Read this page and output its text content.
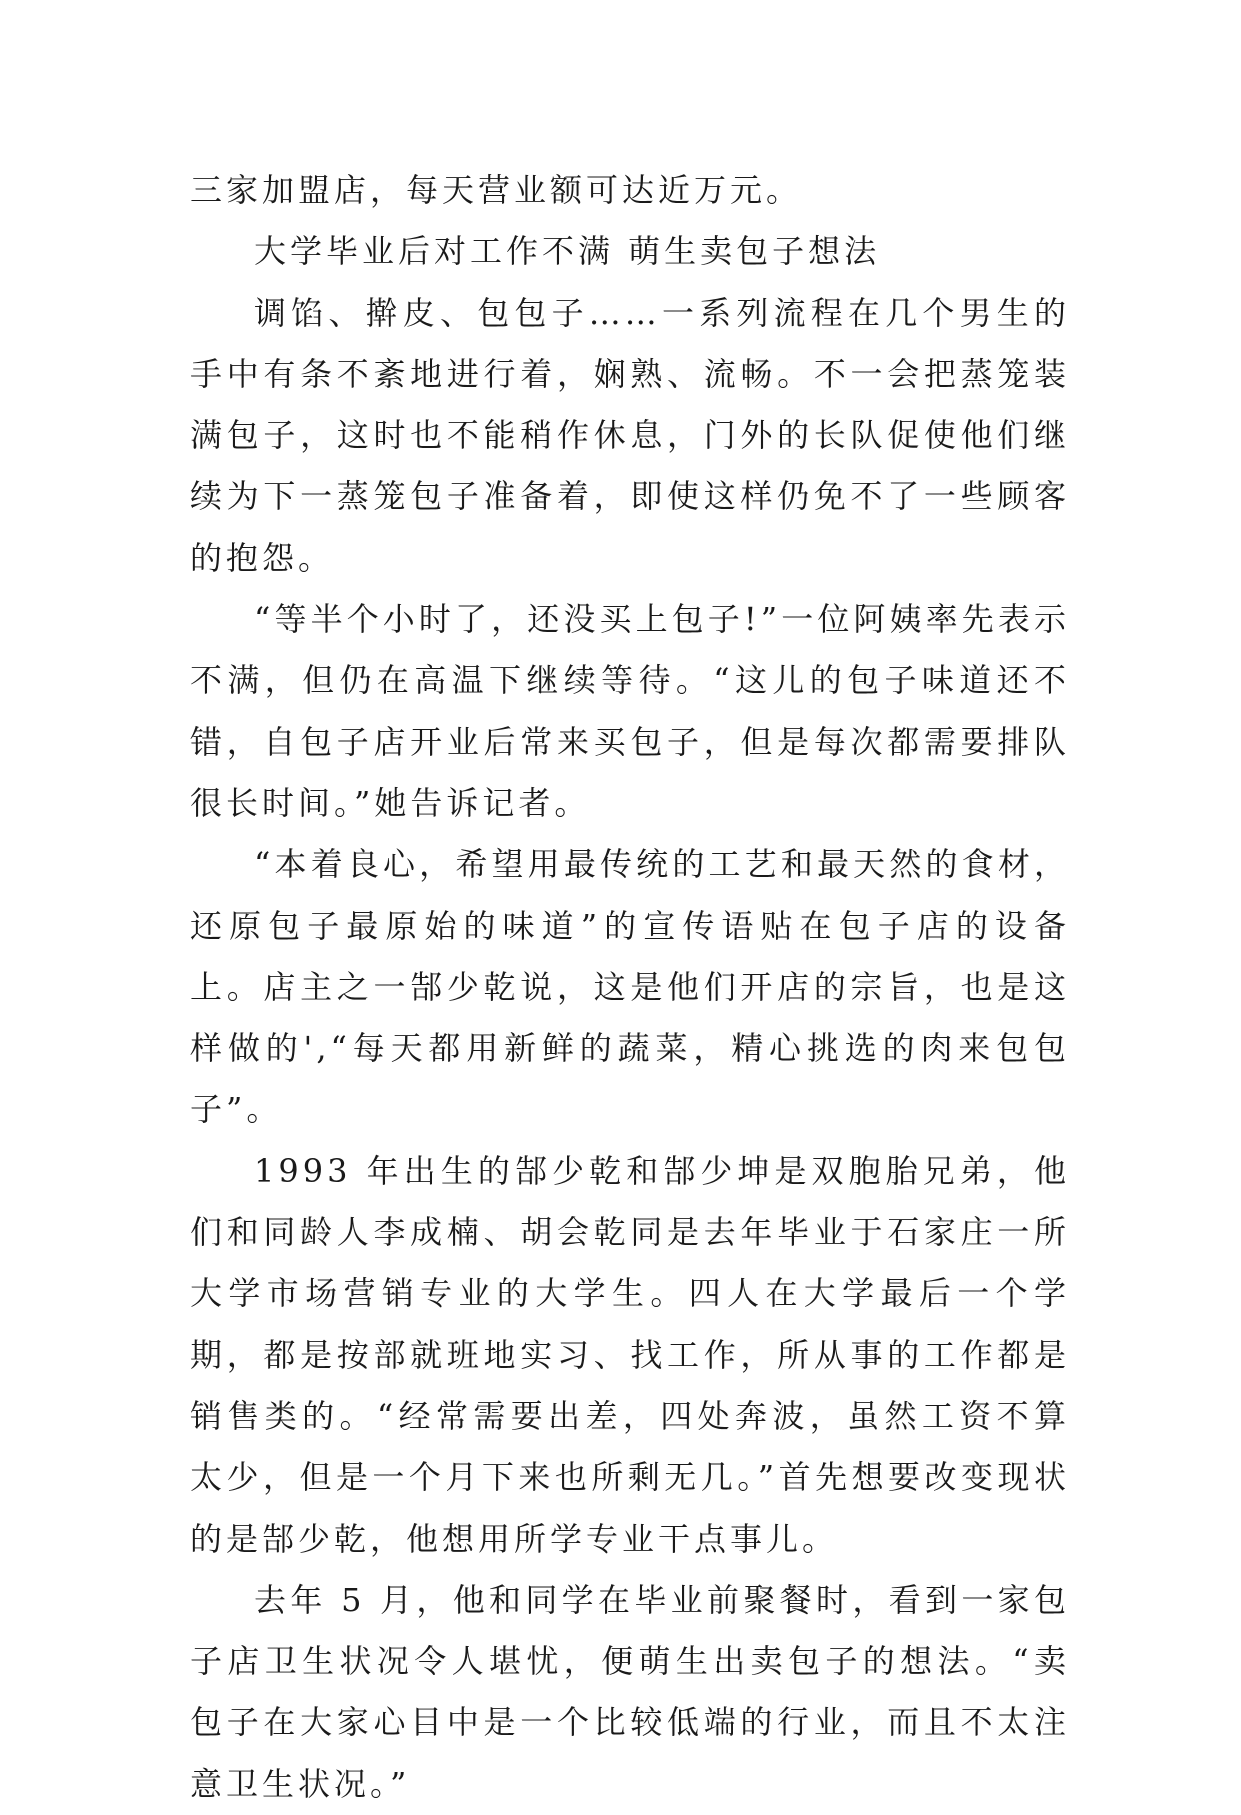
三家加盟店，每天营业额可达近万元。

大学毕业后对工作不满 萌生卖包子想法

调馅、擀皮、包包子……一系列流程在几个男生的手中有条不紊地进行着，娴熟、流畅。不一会把蒸笼装满包子，这时也不能稍作休息，门外的长队促使他们继续为下一蒸笼包子准备着，即使这样仍免不了一些顾客的抱怨。

“等半个小时了，还没买上包子!”一位阿姨率先表示不满，但仍在高温下继续等待。“这儿的包子味道还不错，自包子店开业后常来买包子，但是每次都需要排队很长时间。”她告诉记者。

“本着良心，希望用最传统的工艺和最天然的食材，还原包子最原始的味道”的宣传语贴在包子店的设备上。店主之一郜少乾说，这是他们开店的宗旨，也是这样做的',“每天都用新鲜的蔬菜，精心挑选的肉来包包子”。

1993 年出生的郜少乾和郜少坤是双胞胎兄弟，他们和同龄人李成楠、胡会乾同是去年毕业于石家庄一所大学市场营销专业的大学生。四人在大学最后一个学期，都是按部就班地实习、找工作，所从事的工作都是销售类的。“经常需要出差，四处奔波，虽然工资不算太少，但是一个月下来也所剩无几。”首先想要改变现状的是郜少乾，他想用所学专业干点事儿。

去年 5 月，他和同学在毕业前聚餐时，看到一家包子店卫生状况令人堪忧，便萌生出卖包子的想法。“卖包子在大家心目中是一个比较低端的行业，而且不太注意卫生状况。”
